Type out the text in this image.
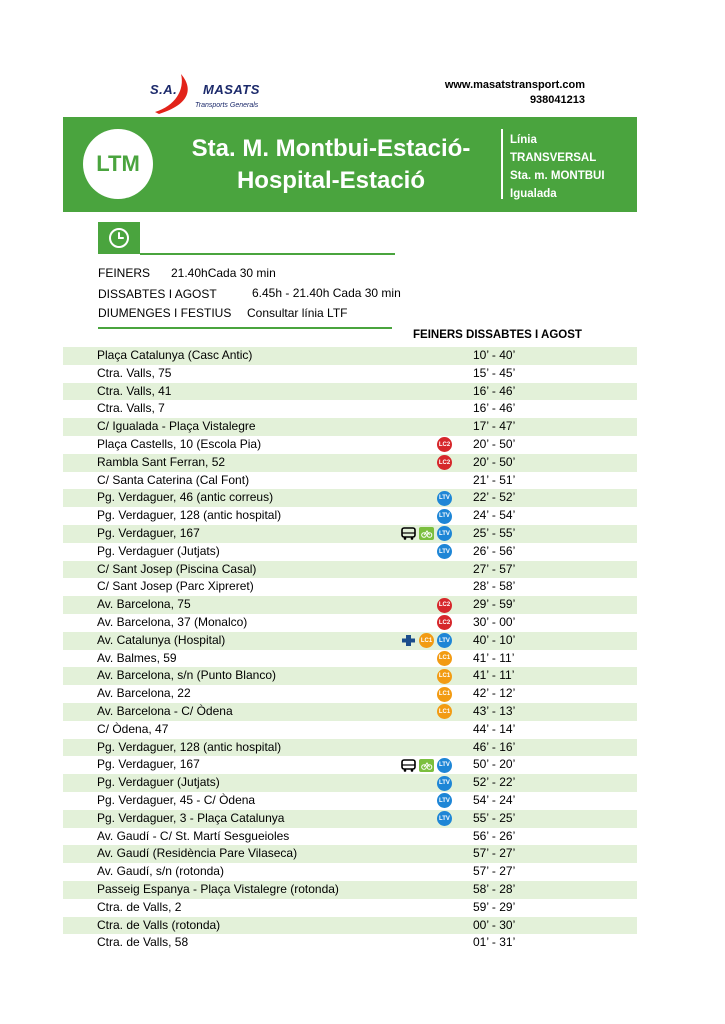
S.A. MASATS
Transports Generals
www.masatstransport.com
938041213
LTM
Sta. M. Montbui-Estació-
Hospital-Estació
Línia
TRANSVERSAL
Sta. m. MONTBUI
Igualada
FEINERS 21.40hCada 30 min
DISSABTES I AGOST	6.45h - 21.40h Cada 30 min
DIUMENGES I FESTIUS Consultar línia LTF
FEINERS DISSABTES I AGOST
Plaça Catalunya (Casc Antic)	10’ - 40’
Ctra. Valls, 75	15’ - 45’
Ctra. Valls, 41	16’ - 46’
Ctra. Valls, 7	16’ - 46’
C/ Igualada - Plaça Vistalegre	17’ - 47’
Plaça Castells, 10 (Escola Pia)	LC2 20’ - 50’
Rambla Sant Ferran, 52	LC2 20’ - 50’
C/ Santa Caterina (Cal Font)	21’ - 51’
Pg. Verdaguer, 46 (antic correus)	LTV 22’ - 52’
Pg. Verdaguer, 128 (antic hospital)	LTV 24’ - 54’
Pg. Verdaguer, 167	LTV 25’ - 55’
Pg. Verdaguer (Jutjats)	LTV 26’ - 56’
C/ Sant Josep (Piscina Casal)	27’ - 57’
C/ Sant Josep (Parc Xipreret)	28’ - 58’
Av. Barcelona, 75	LC2 29’ - 59’
Av. Barcelona, 37 (Monalco)	LC2 30’ - 00’
Av. Catalunya (Hospital)	LC1	LTV 40’ - 10’
Av. Balmes, 59	LC1 41’ - 11’
Av. Barcelona, s/n (Punto Blanco)	LC1 41’ - 11’
Av. Barcelona, 22	LC1 42’ - 12’
Av. Barcelona - C/ Òdena	LC1 43’ - 13’
C/ Òdena, 47	44’ - 14’
Pg. Verdaguer, 128 (antic hospital)	46’ - 16’
Pg. Verdaguer, 167	LTV 50’ - 20’
Pg. Verdaguer (Jutjats)	LTV 52’ - 22’
Pg. Verdaguer, 45 - C/ Òdena	LTV 54’ - 24’
Pg. Verdaguer, 3 - Plaça Catalunya	LTV 55’ - 25’
Av. Gaudí - C/ St. Martí Sesgueioles	56’ - 26’
Av. Gaudí (Residència Pare Vilaseca)	57’ - 27’
Av. Gaudí, s/n (rotonda)	57’ - 27’
Passeig Espanya - Plaça Vistalegre (rotonda)	58’ - 28’
Ctra. de Valls, 2	59’ - 29’
Ctra. de Valls (rotonda)	00’ - 30’
Ctra. de Valls, 58	01’ - 31’
